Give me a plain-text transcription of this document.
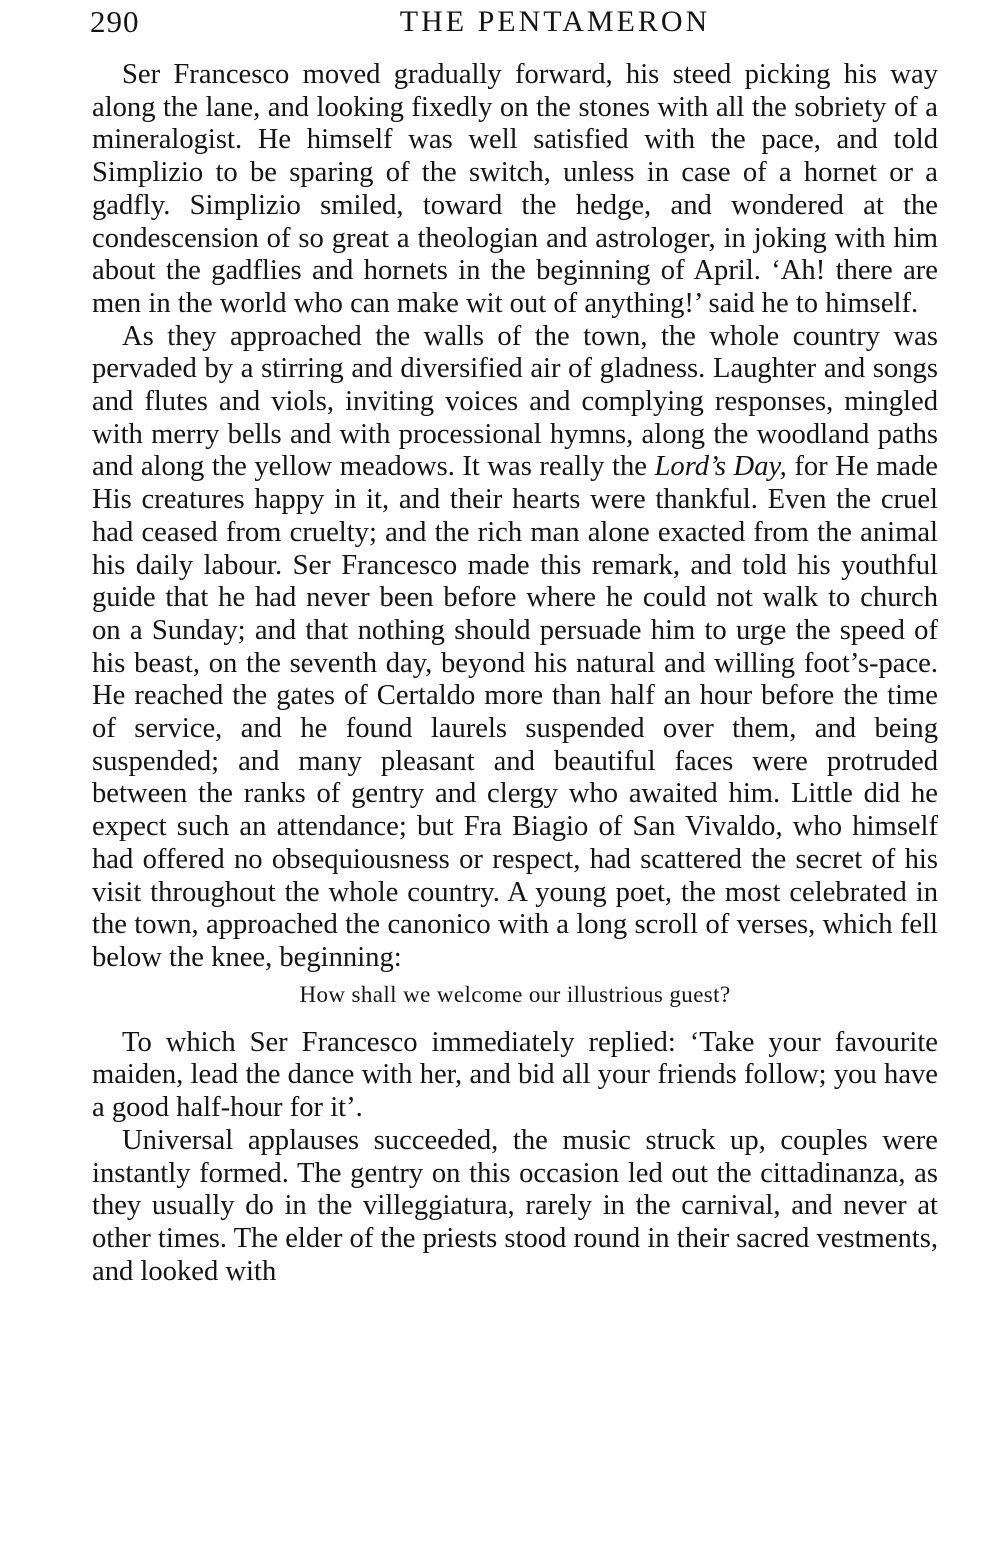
290	THE PENTAMERON

Ser Francesco moved gradually forward, his steed picking his way along the lane, and looking fixedly on the stones with all the sobriety of a mineralogist. He himself was well satisfied with the pace, and told Simplizio to be sparing of the switch, unless in case of a hornet or a gadfly. Simplizio smiled, toward the hedge, and wondered at the condescension of so great a theologian and astrologer, in joking with him about the gadflies and hornets in the beginning of April. ‘Ah! there are men in the world who can make wit out of anything!’ said he to himself.

As they approached the walls of the town, the whole country was pervaded by a stirring and diversified air of gladness. Laughter and songs and flutes and viols, inviting voices and complying responses, mingled with merry bells and with processional hymns, along the woodland paths and along the yellow meadows. It was really the Lord’s Day, for He made His creatures happy in it, and their hearts were thankful. Even the cruel had ceased from cruelty; and the rich man alone exacted from the animal his daily labour. Ser Francesco made this remark, and told his youthful guide that he had never been before where he could not walk to church on a Sunday; and that nothing should persuade him to urge the speed of his beast, on the seventh day, beyond his natural and willing foot’s-pace. He reached the gates of Certaldo more than half an hour before the time of service, and he found laurels suspended over them, and being suspended; and many pleasant and beautiful faces were protruded between the ranks of gentry and clergy who awaited him. Little did he expect such an attendance; but Fra Biagio of San Vivaldo, who himself had offered no obsequiousness or respect, had scattered the secret of his visit throughout the whole country. A young poet, the most celebrated in the town, approached the canonico with a long scroll of verses, which fell below the knee, beginning:

How shall we welcome our illustrious guest?

To which Ser Francesco immediately replied: ‘Take your favourite maiden, lead the dance with her, and bid all your friends follow; you have a good half-hour for it’.

Universal applauses succeeded, the music struck up, couples were instantly formed. The gentry on this occasion led out the cittadinanza, as they usually do in the villeggiatura, rarely in the carnival, and never at other times. The elder of the priests stood round in their sacred vestments, and looked with
